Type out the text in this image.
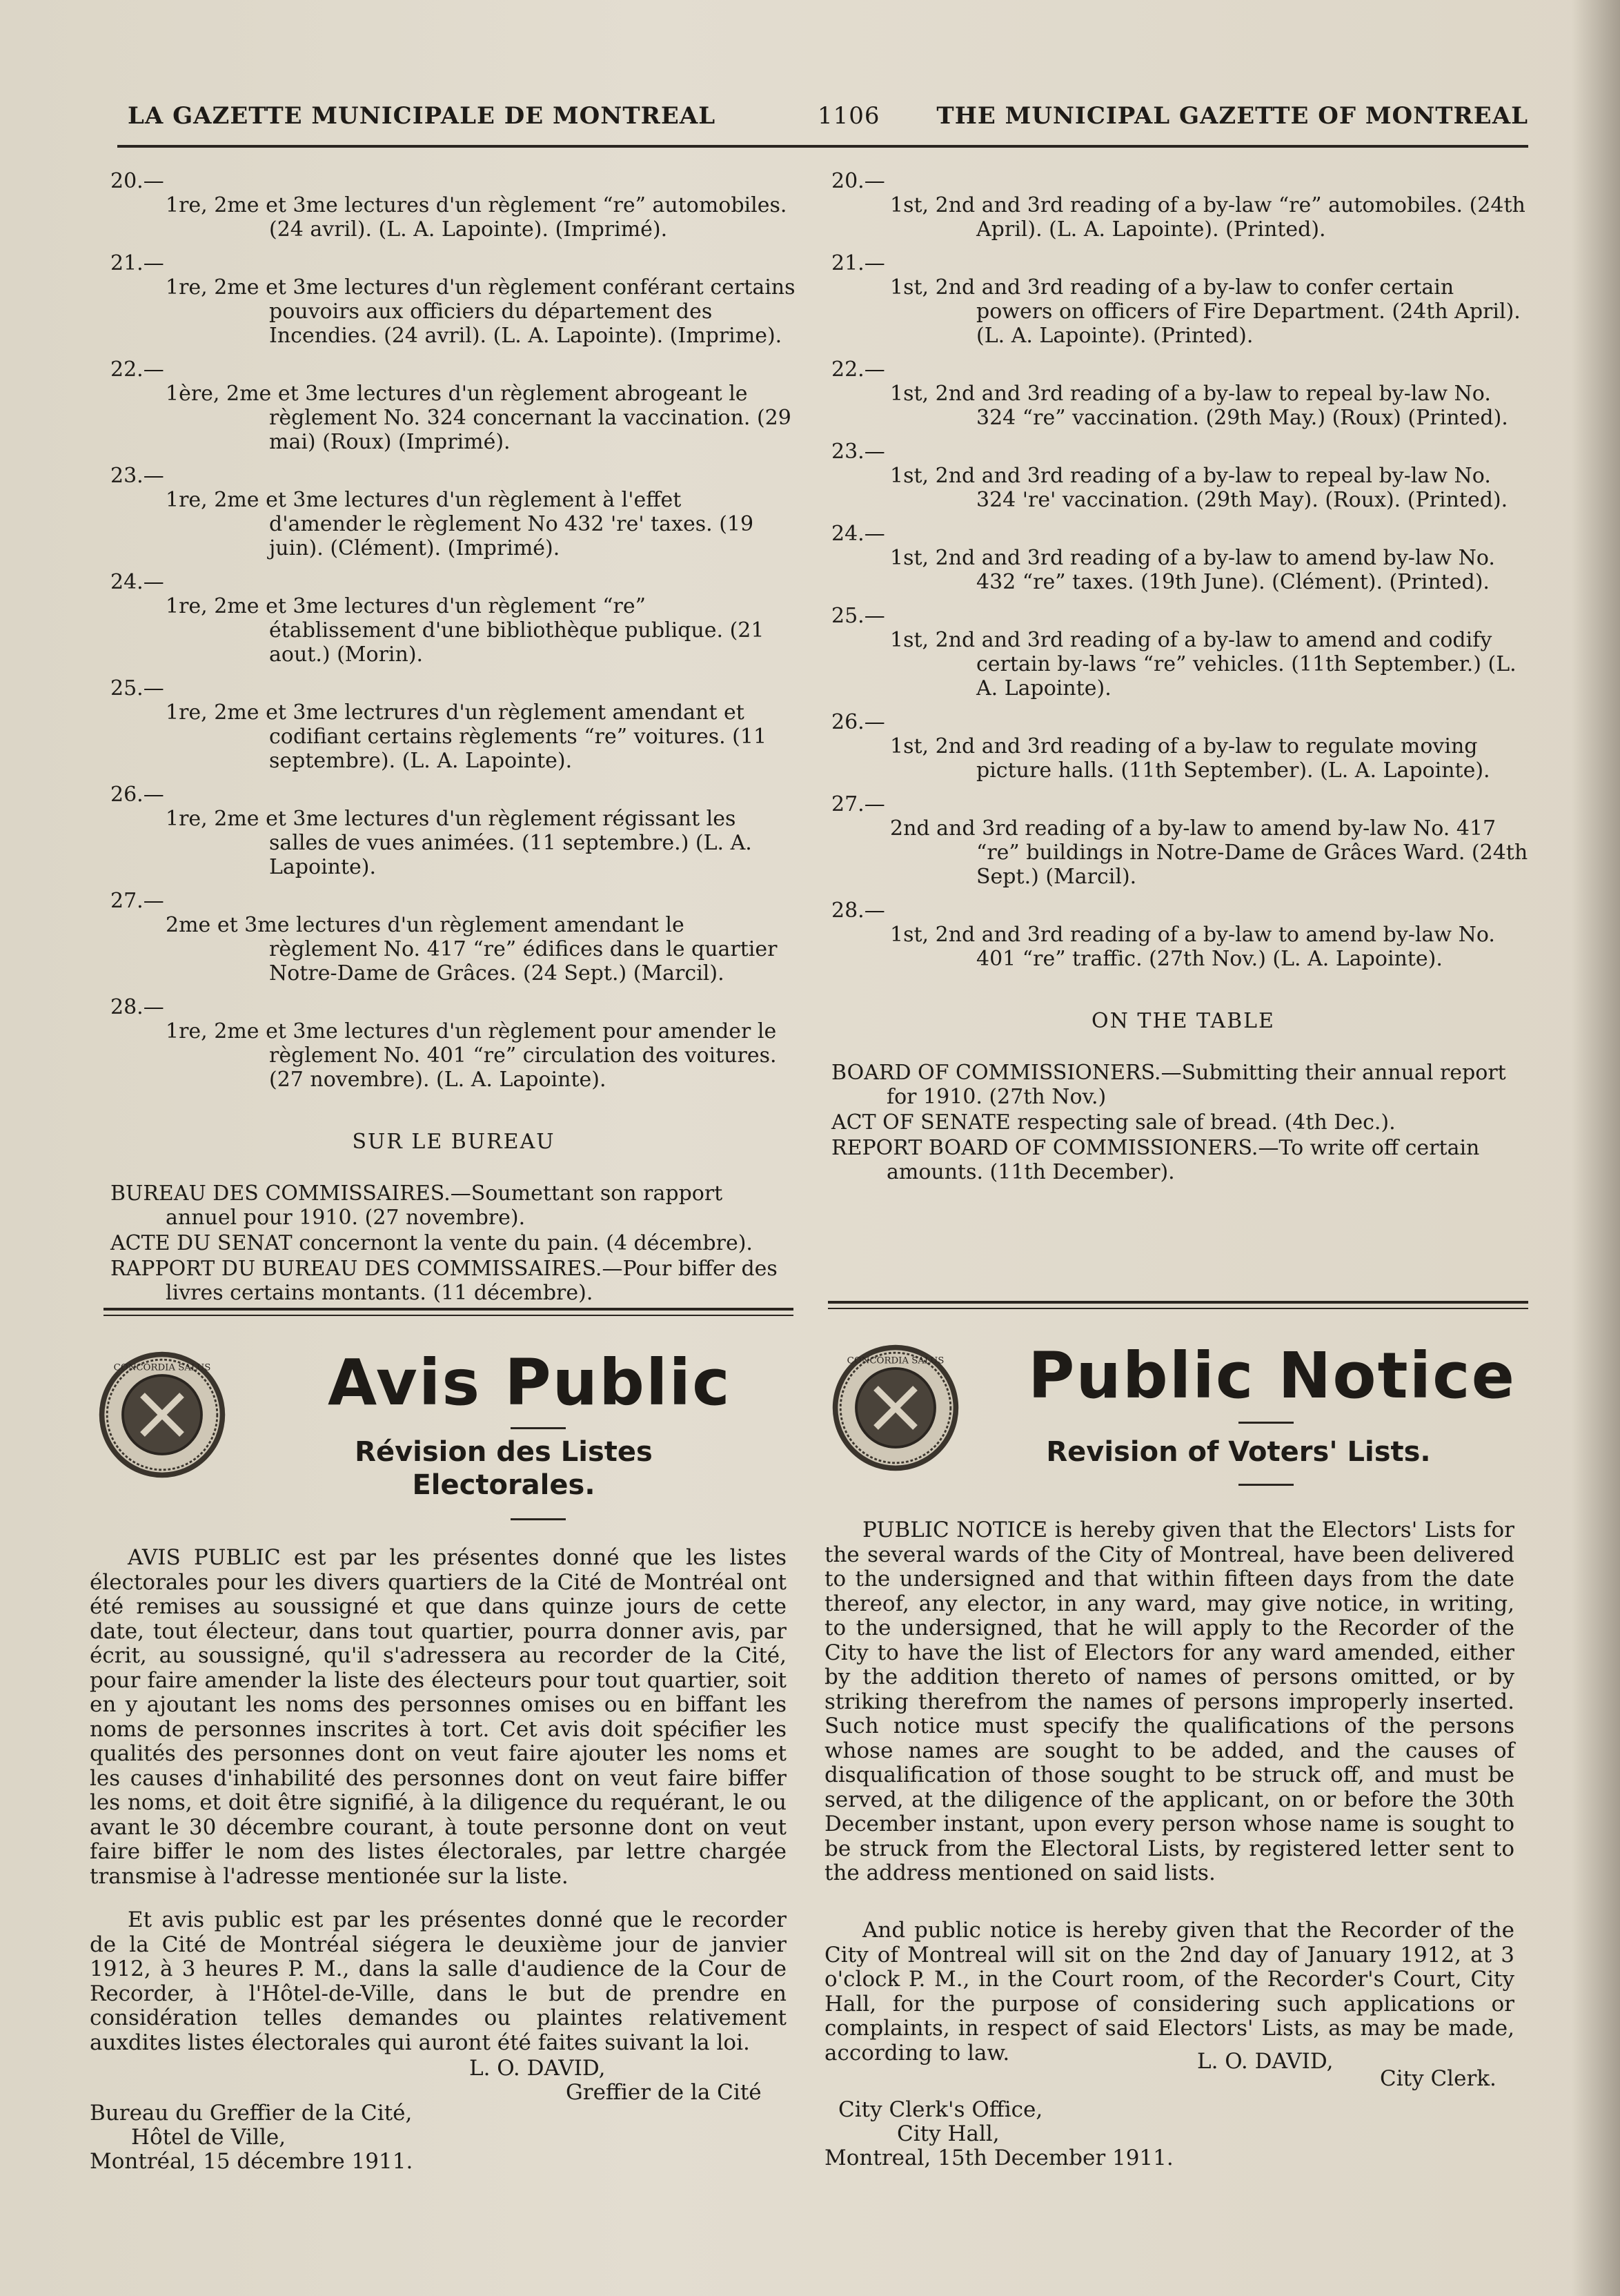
LA GAZETTE MUNICIPALE DE MONTREAL	1106 THE MUNICIPAL GAZETTE OF MONTREAL
20.—
1re, 2me et 3me lectures d'un règlement “re” automobiles. (24 avril). (L. A. Lapointe). (Imprimé).
21.—
1re, 2me et 3me lectures d'un règlement conférant certains pouvoirs aux officiers du département des Incendies. (24 avril). (L. A. Lapointe). (Imprime).
22.—
1ère, 2me et 3me lectures d'un règlement abrogeant le règlement No. 324 concernant la vaccination. (29 mai) (Roux) (Imprimé).
23.—
1re, 2me et 3me lectures d'un règlement à l'effet d'amender le règlement No 432 're' taxes. (19 juin). (Clément). (Imprimé).
24.—
1re, 2me et 3me lectures d'un règlement “re” établissement d'une bibliothèque publique. (21 aout.) (Morin).
25.—
1re, 2me et 3me lectrures d'un règlement amendant et codifiant certains règlements “re” voitures. (11 septembre). (L. A. Lapointe).
26.—
1re, 2me et 3me lectures d'un règlement régissant les salles de vues animées. (11 septembre.) (L. A. Lapointe).
27.—
2me et 3me lectures d'un règlement amendant le règlement No. 417 “re” édifices dans le quartier Notre-Dame de Grâces. (24 Sept.) (Marcil).
28.—
1re, 2me et 3me lectures d'un règlement pour amender le règlement No. 401 “re” circulation des voitures. (27 novembre). (L. A. Lapointe).
SUR LE BUREAU
BUREAU DES COMMISSAIRES.—Soumettant son rapport annuel pour 1910. (27 novembre).
ACTE DU SENAT concernont la vente du pain. (4 décembre).
RAPPORT DU BUREAU DES COMMISSAIRES.—Pour biffer des livres certains montants. (11 décembre).
20.—
1st, 2nd and 3rd reading of a by-law “re” automobiles. (24th April). (L. A. Lapointe). (Printed).
21.—
1st, 2nd and 3rd reading of a by-law to confer certain powers on officers of Fire Department. (24th April). (L. A. Lapointe). (Printed).
22.—
1st, 2nd and 3rd reading of a by-law to repeal by-law No. 324 “re” vaccination. (29th May.) (Roux) (Printed).
23.—
1st, 2nd and 3rd reading of a by-law to repeal by-law No. 324 're' vaccination. (29th May). (Roux). (Printed).
24.—
1st, 2nd and 3rd reading of a by-law to amend by-law No. 432 “re” taxes. (19th June). (Clément). (Printed).
25.—
1st, 2nd and 3rd reading of a by-law to amend and codify certain by-laws “re” vehicles. (11th September.) (L. A. Lapointe).
26.—
1st, 2nd and 3rd reading of a by-law to regulate moving picture halls. (11th September). (L. A. Lapointe).
27.—
2nd and 3rd reading of a by-law to amend by-law No. 417 “re” buildings in Notre-Dame de Grâces Ward. (24th Sept.) (Marcil).
28.—
1st, 2nd and 3rd reading of a by-law to amend by-law No. 401 “re” traffic. (27th Nov.) (L. A. Lapointe).
ON THE TABLE
BOARD OF COMMISSIONERS.—Submitting their annual report for 1910. (27th Nov.)
ACT OF SENATE respecting sale of bread. (4th Dec.).
REPORT BOARD OF COMMISSIONERS.—To write off certain amounts. (11th December).
CONCORDIA SALUS Avis Public
Révision des Listes Electorales.
AVIS PUBLIC est par les présentes donné que les listes électorales pour les divers quartiers de la Cité de Montréal ont été remises au soussigné et que dans quinze jours de cette date, tout électeur, dans tout quartier, pourra donner avis, par écrit, au soussigné, qu'il s'adressera au recorder de la Cité, pour faire amender la liste des électeurs pour tout quartier, soit en y ajoutant les noms des personnes omises ou en biffant les noms de personnes inscrites à tort. Cet avis doit spécifier les qualités des personnes dont on veut faire ajouter les noms et les causes d'inhabilité des personnes dont on veut faire biffer les noms, et doit être signifié, à la diligence du requérant, le ou avant le 30 décembre courant, à toute personne dont on veut faire biffer le nom des listes électorales, par lettre chargée transmise à l'adresse mentionée sur la liste.
Et avis public est par les présentes donné que le recorder de la Cité de Montréal siégera le deuxième jour de janvier 1912, à 3 heures P. M., dans la salle d'audience de la Cour de Recorder, à l'Hôtel-de-Ville, dans le but de prendre en considération telles demandes ou plaintes relativement auxdites listes électorales qui auront été faites suivant la loi.
L. O. DAVID,
Greffier de la Cité
Bureau du Greffier de la Cité,
Hôtel de Ville,
Montréal, 15 décembre 1911.
CONCORDIA SALUS Public Notice
Revision of Voters' Lists.
PUBLIC NOTICE is hereby given that the Electors' Lists for the several wards of the City of Montreal, have been delivered to the undersigned and that within fifteen days from the date thereof, any elector, in any ward, may give notice, in writing, to the undersigned, that he will apply to the Recorder of the City to have the list of Electors for any ward amended, either by the addition thereto of names of persons omitted, or by striking therefrom the names of persons improperly inserted. Such notice must specify the qualifications of the persons whose names are sought to be added, and the causes of disqualification of those sought to be struck off, and must be served, at the diligence of the applicant, on or before the 30th December instant, upon every person whose name is sought to be struck from the Electoral Lists, by registered letter sent to the address mentioned on said lists.
And public notice is hereby given that the Recorder of the City of Montreal will sit on the 2nd day of January 1912, at 3 o'clock P. M., in the Court room, of the Recorder's Court, City Hall, for the purpose of considering such applications or complaints, in respect of said Electors' Lists, as may be made, according to law.	L. O. DAVID,
City Clerk.
City Clerk's Office,
City Hall,
Montreal, 15th December 1911.
